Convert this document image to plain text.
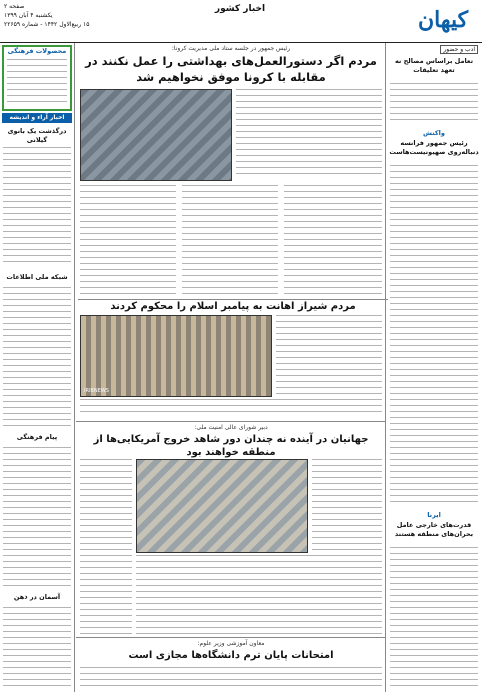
کیهان
اخبار کشور
صفحه ۲
یکشنبه ۴ آبان ۱۳۹۹
۱۵ ربیع‌الاول ۱۴۴۲ - شماره ۲۲۶۵۹
ادب و حضور
تعامل براساس مصالح نه تعهد تعلیقات
واکنش
رئیس جمهور فرانسه دنباله‌روی صهیونیست‌هاست
ایرنا
قدرت‌های خارجی عامل بحران‌های منطقه هستند
رئیس جمهور در جلسه ستاد ملی مدیریت کرونا:
مردم اگر دستورالعمل‌های بهداشتی را عمل نکنند در مقابله با کرونا موفق نخواهیم شد
مردم شیراز اهانت به پیامبر اسلام را محکوم کردند
IRIBNEWS
دبیر شورای عالی امنیت ملی:
جهانیان در آینده نه چندان دور شاهد خروج آمریکایی‌ها از منطقه خواهند بود
معاون آموزشی وزیر علوم:
امتحانات پایان ترم دانشگاه‌ها مجازی است
محصولات فرهنگی
اخبار آراء و اندیشه
درگذشت یک بانوی گیلانی
شبکه ملی اطلاعات
پیام فرهنگی
آسمان در ذهن
